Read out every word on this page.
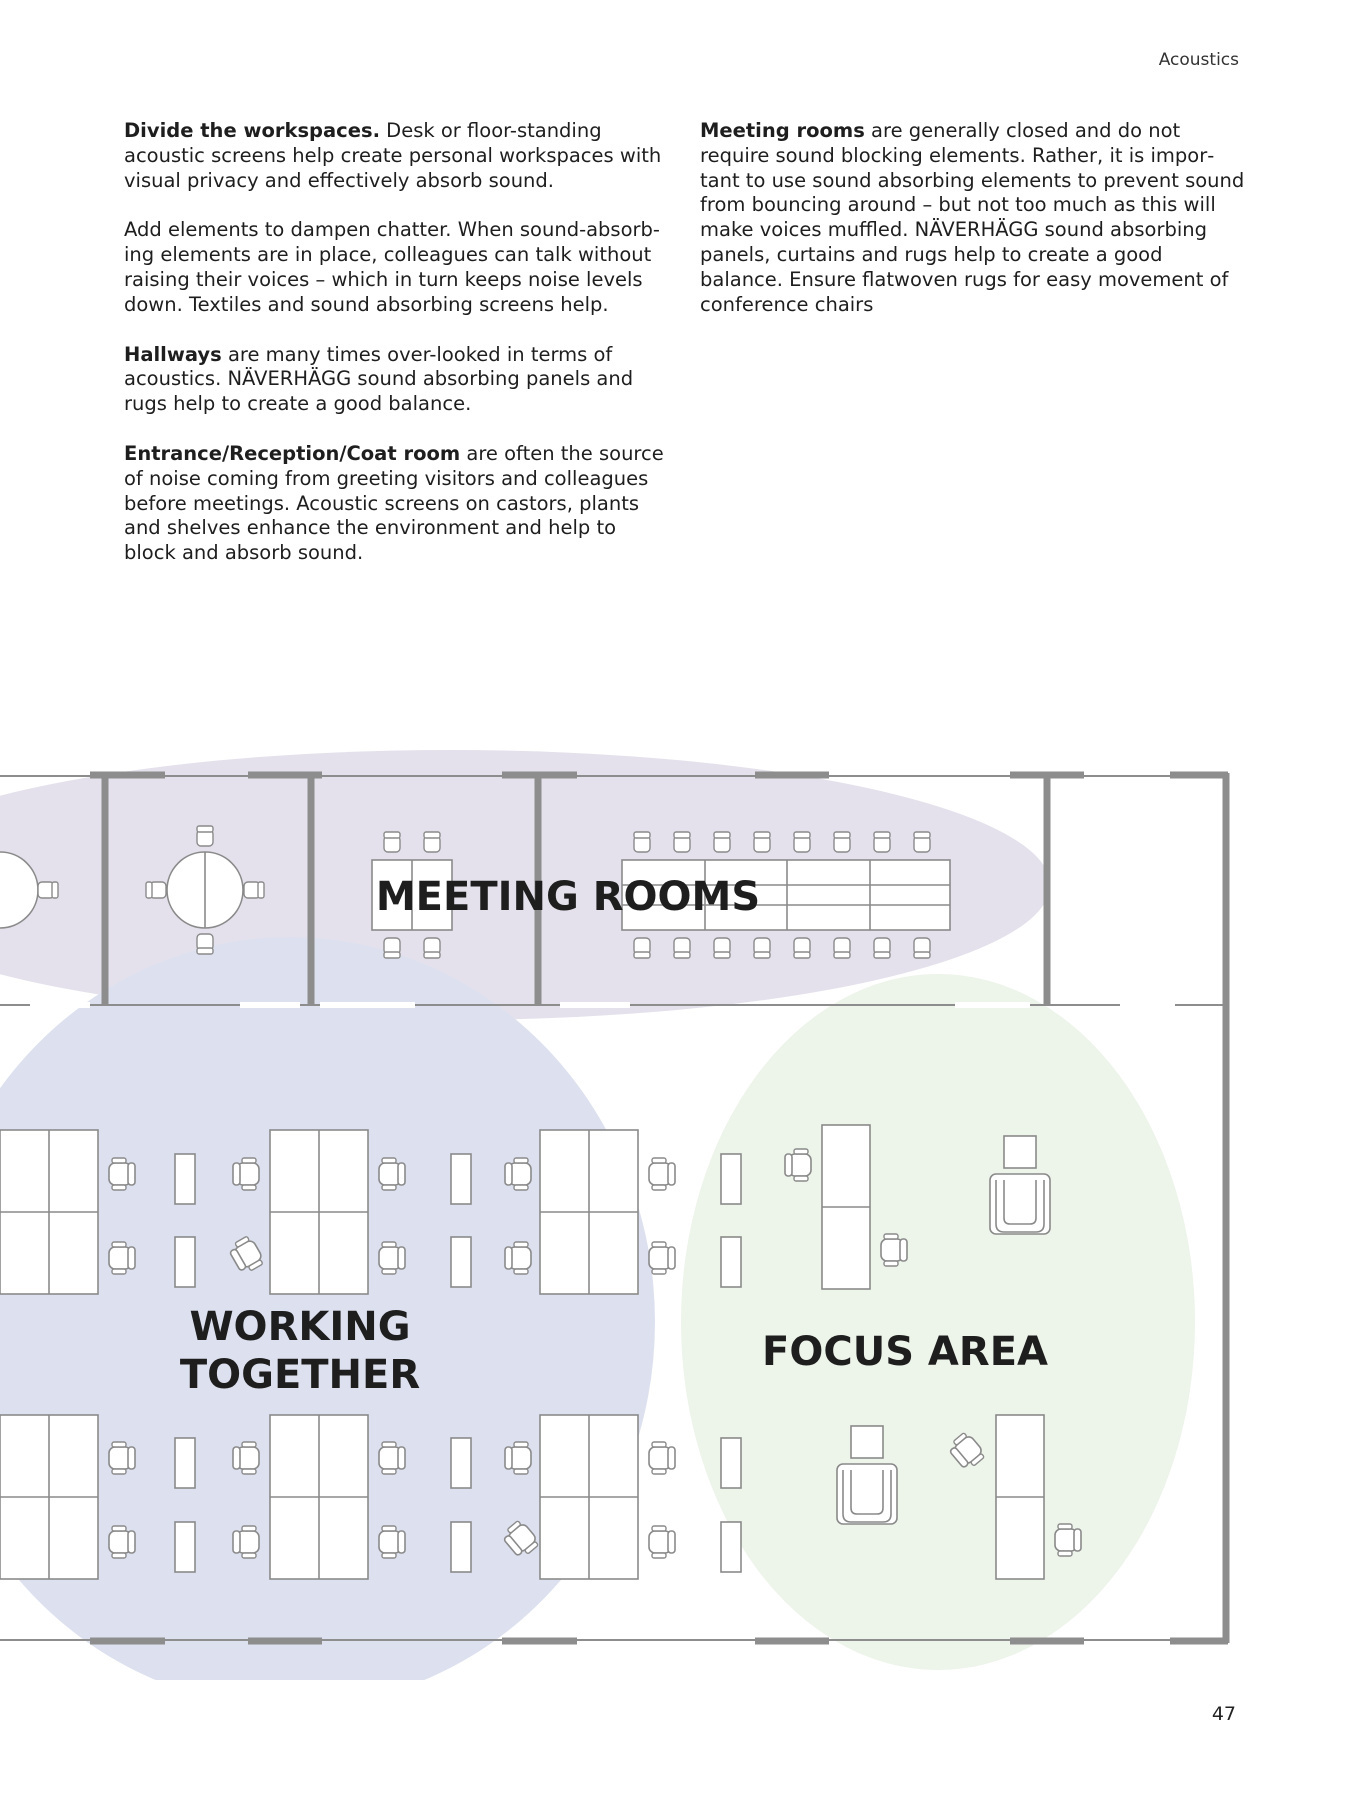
Acoustics

Divide the workspaces. Desk or floor-standing acoustic screens help create personal workspaces with visual privacy and effectively absorb sound.

Add elements to dampen chatter. When sound-absorbing elements are in place, colleagues can talk without raising their voices – which in turn keeps noise levels down. Textiles and sound absorbing screens help.

Hallways are many times over-looked in terms of acoustics. NÄVERHÄGG sound absorbing panels and rugs help to create a good balance.

Entrance/Reception/Coat room are often the source of noise coming from greeting visitors and colleagues before meetings. Acoustic screens on castors, plants and shelves enhance the environment and help to block and absorb sound.

Meeting rooms are generally closed and do not require sound blocking elements. Rather, it is important to use sound absorbing elements to prevent sound from bouncing around – but not too much as this will make voices muffled. NÄVERHÄGG sound absorbing panels, curtains and rugs help to create a good balance. Ensure flatwoven rugs for easy movement of conference chairs

MEETING ROOMS
WORKING
TOGETHER	FOCUS AREA
47
